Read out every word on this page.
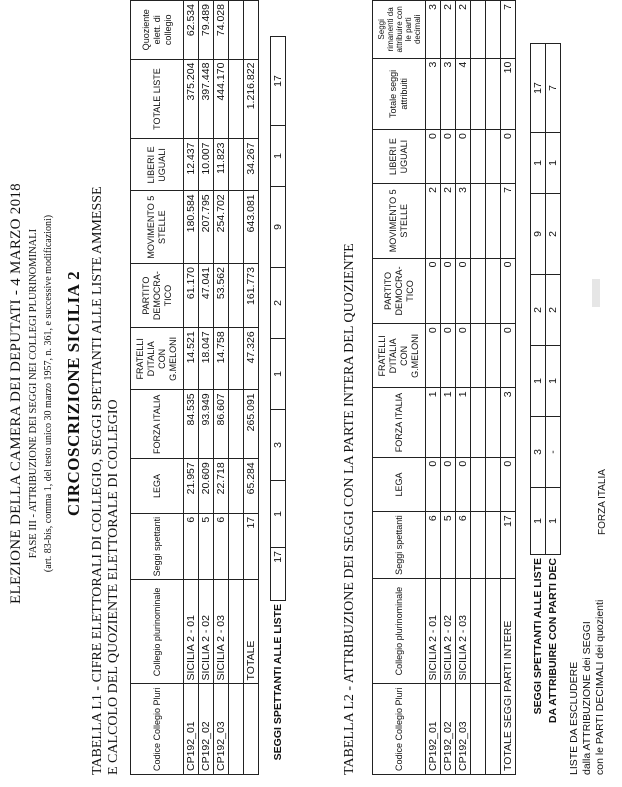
ELEZIONE DELLA CAMERA DEI DEPUTATI - 4 MARZO 2018 FASE III - ATTRIBUZIONE DEI SEGGI NEI COLLEGI PLURINOMINALI (art. 83-bis, comma 1, del testo unico 30 marzo 1957, n. 361, e successive modificazioni) CIRCOSCRIZIONE SICILIA 2 TABELLA L1 - CIFRE ELETTORALI DI COLLEGIO, SEGGI SPETTANTI ALLE LISTE AMMESSE E CALCOLO DEL QUOZIENTE ELETTORALE DI COLLEGIO	Codice Collegio Pluri	Collegio plurinominale	Seggi spettanti	LEGA	FORZA ITALIA	FRATELLI D'ITALIA CON G.MELONI	PARTITO DEMOCRA-TICO	MOVIMENTO 5 STELLE	LIBERI E UGUALI	TOTALE LISTE	Quoziente elett. di collegio
CP192_01	SICILIA 2 - 01	6	21.957	84.535	14.521	61.170	180.584	12.437	375.204	62.534
CP192_02	SICILIA 2 - 02	5	20.609	93.949	18.047	47.041	207.795	10.007	397.448	79.489
CP192_03	SICILIA 2 - 03	6	22.718	86.607	14.758	53.562	254.702	11.823	444.170	74.028

	TOTALE	17	65.284	265.091	47.326	161.773	643.081	34.267	1.216.822	
SEGGI SPETTANTI ALLE LISTE	17	1	3	1	2	9	1	17
TABELLA L2 - ATTRIBUZIONE DEI SEGGI CON LA PARTE INTERA DEL QUOZIENTE	Codice Collegio Pluri	Collegio plurinominale	Seggi spettanti	LEGA	FORZA ITALIA	FRATELLI D'ITALIA CON G.MELONI	PARTITO DEMOCRA-TICO	MOVIMENTO 5 STELLE	LIBERI E UGUALI	Totale seggi attribuiti	Seggi rimanenti da attribuire con le parti decimali
CP192_01	SICILIA 2 - 01	6	0	1	0	0	2	0	3	3
CP192_02	SICILIA 2 - 02	5	0	1	0	0	2	0	3	2
CP192_03	SICILIA 2 - 03	6	0	1	0	0	3	0	4	2

TOTALE SEGGI PARTI INTERE		17	0	3	0	0	7	0	10	7
SEGGI SPETTANTI ALLE LISTE	1	3	1	2	9	1	17
DA ATTRIBUIRE CON PARTI DEC	1	-	1	2	2	1	7
LISTE DA ESCLUDERE dalla ATTRIBUZIONE dei SEGGI con le PARTI DECIMALI dei quozienti
FORZA ITALIA
